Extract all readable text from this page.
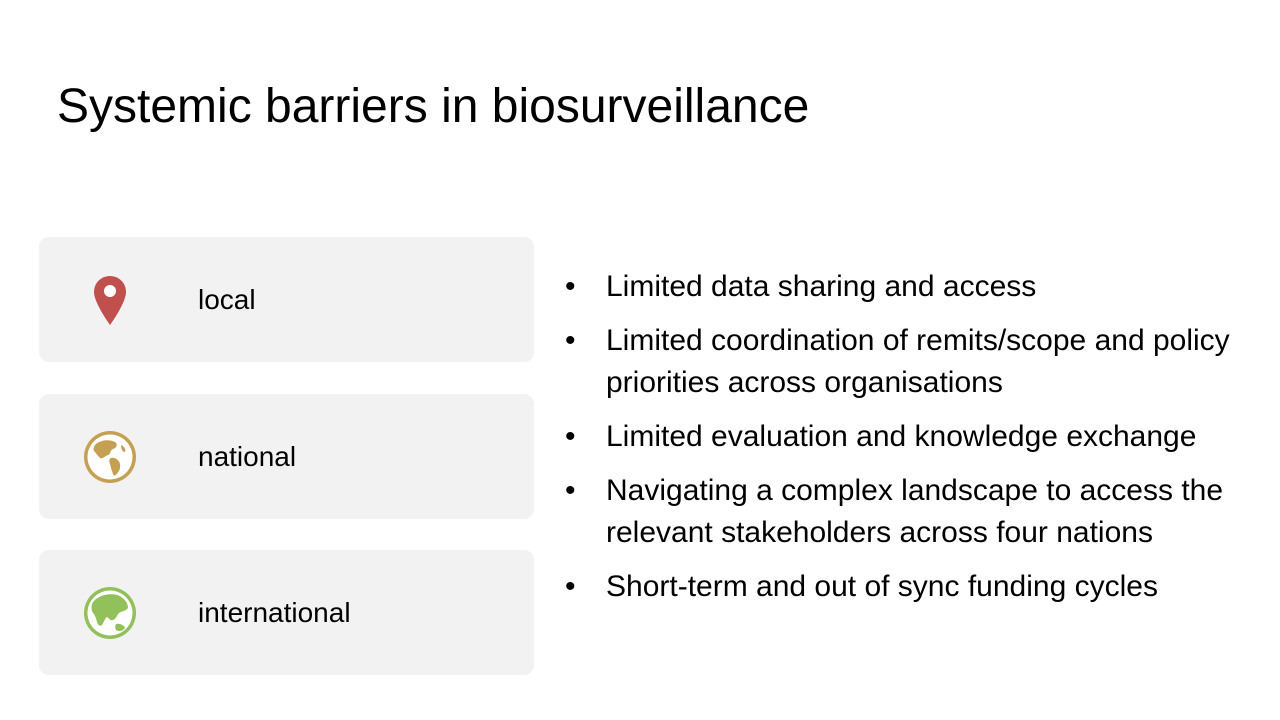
Systemic barriers in biosurveillance
local
national
international
• Limited data sharing and access
• Limited coordination of remits/scope and policy priorities across organisations
• Limited evaluation and knowledge exchange
• Navigating a complex landscape to access the relevant stakeholders across four nations
• Short-term and out of sync funding cycles
